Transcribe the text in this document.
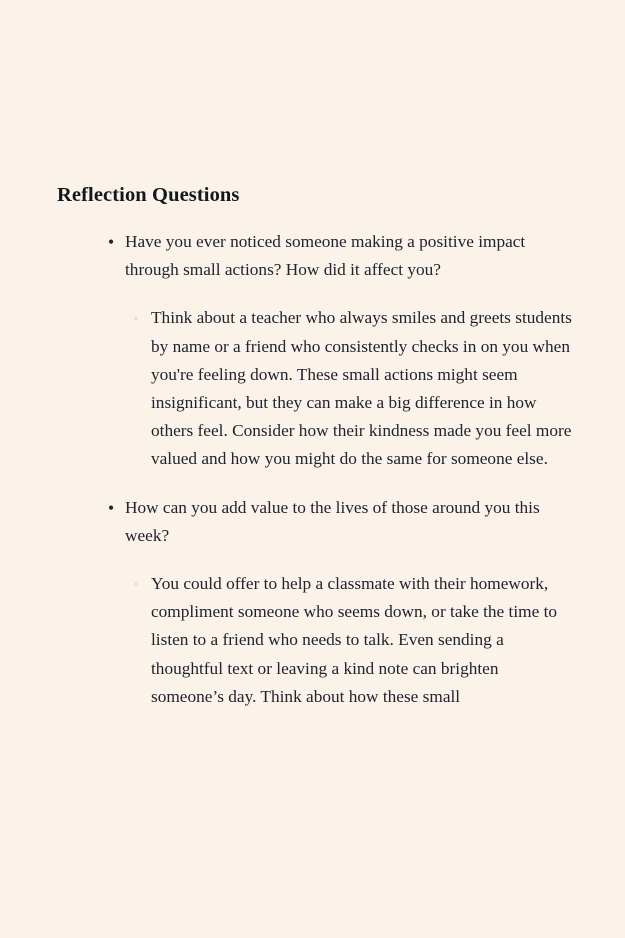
Reflection Questions
• Have you ever noticed someone making a positive impact through small actions? How did it affect you?
◦ Think about a teacher who always smiles and greets students by name or a friend who consistently checks in on you when you're feeling down. These small actions might seem insignificant, but they can make a big difference in how others feel. Consider how their kindness made you feel more valued and how you might do the same for someone else.
• How can you add value to the lives of those around you this week?
◦ You could offer to help a classmate with their homework, compliment someone who seems down, or take the time to listen to a friend who needs to talk. Even sending a thoughtful text or leaving a kind note can brighten someone’s day. Think about how these small
